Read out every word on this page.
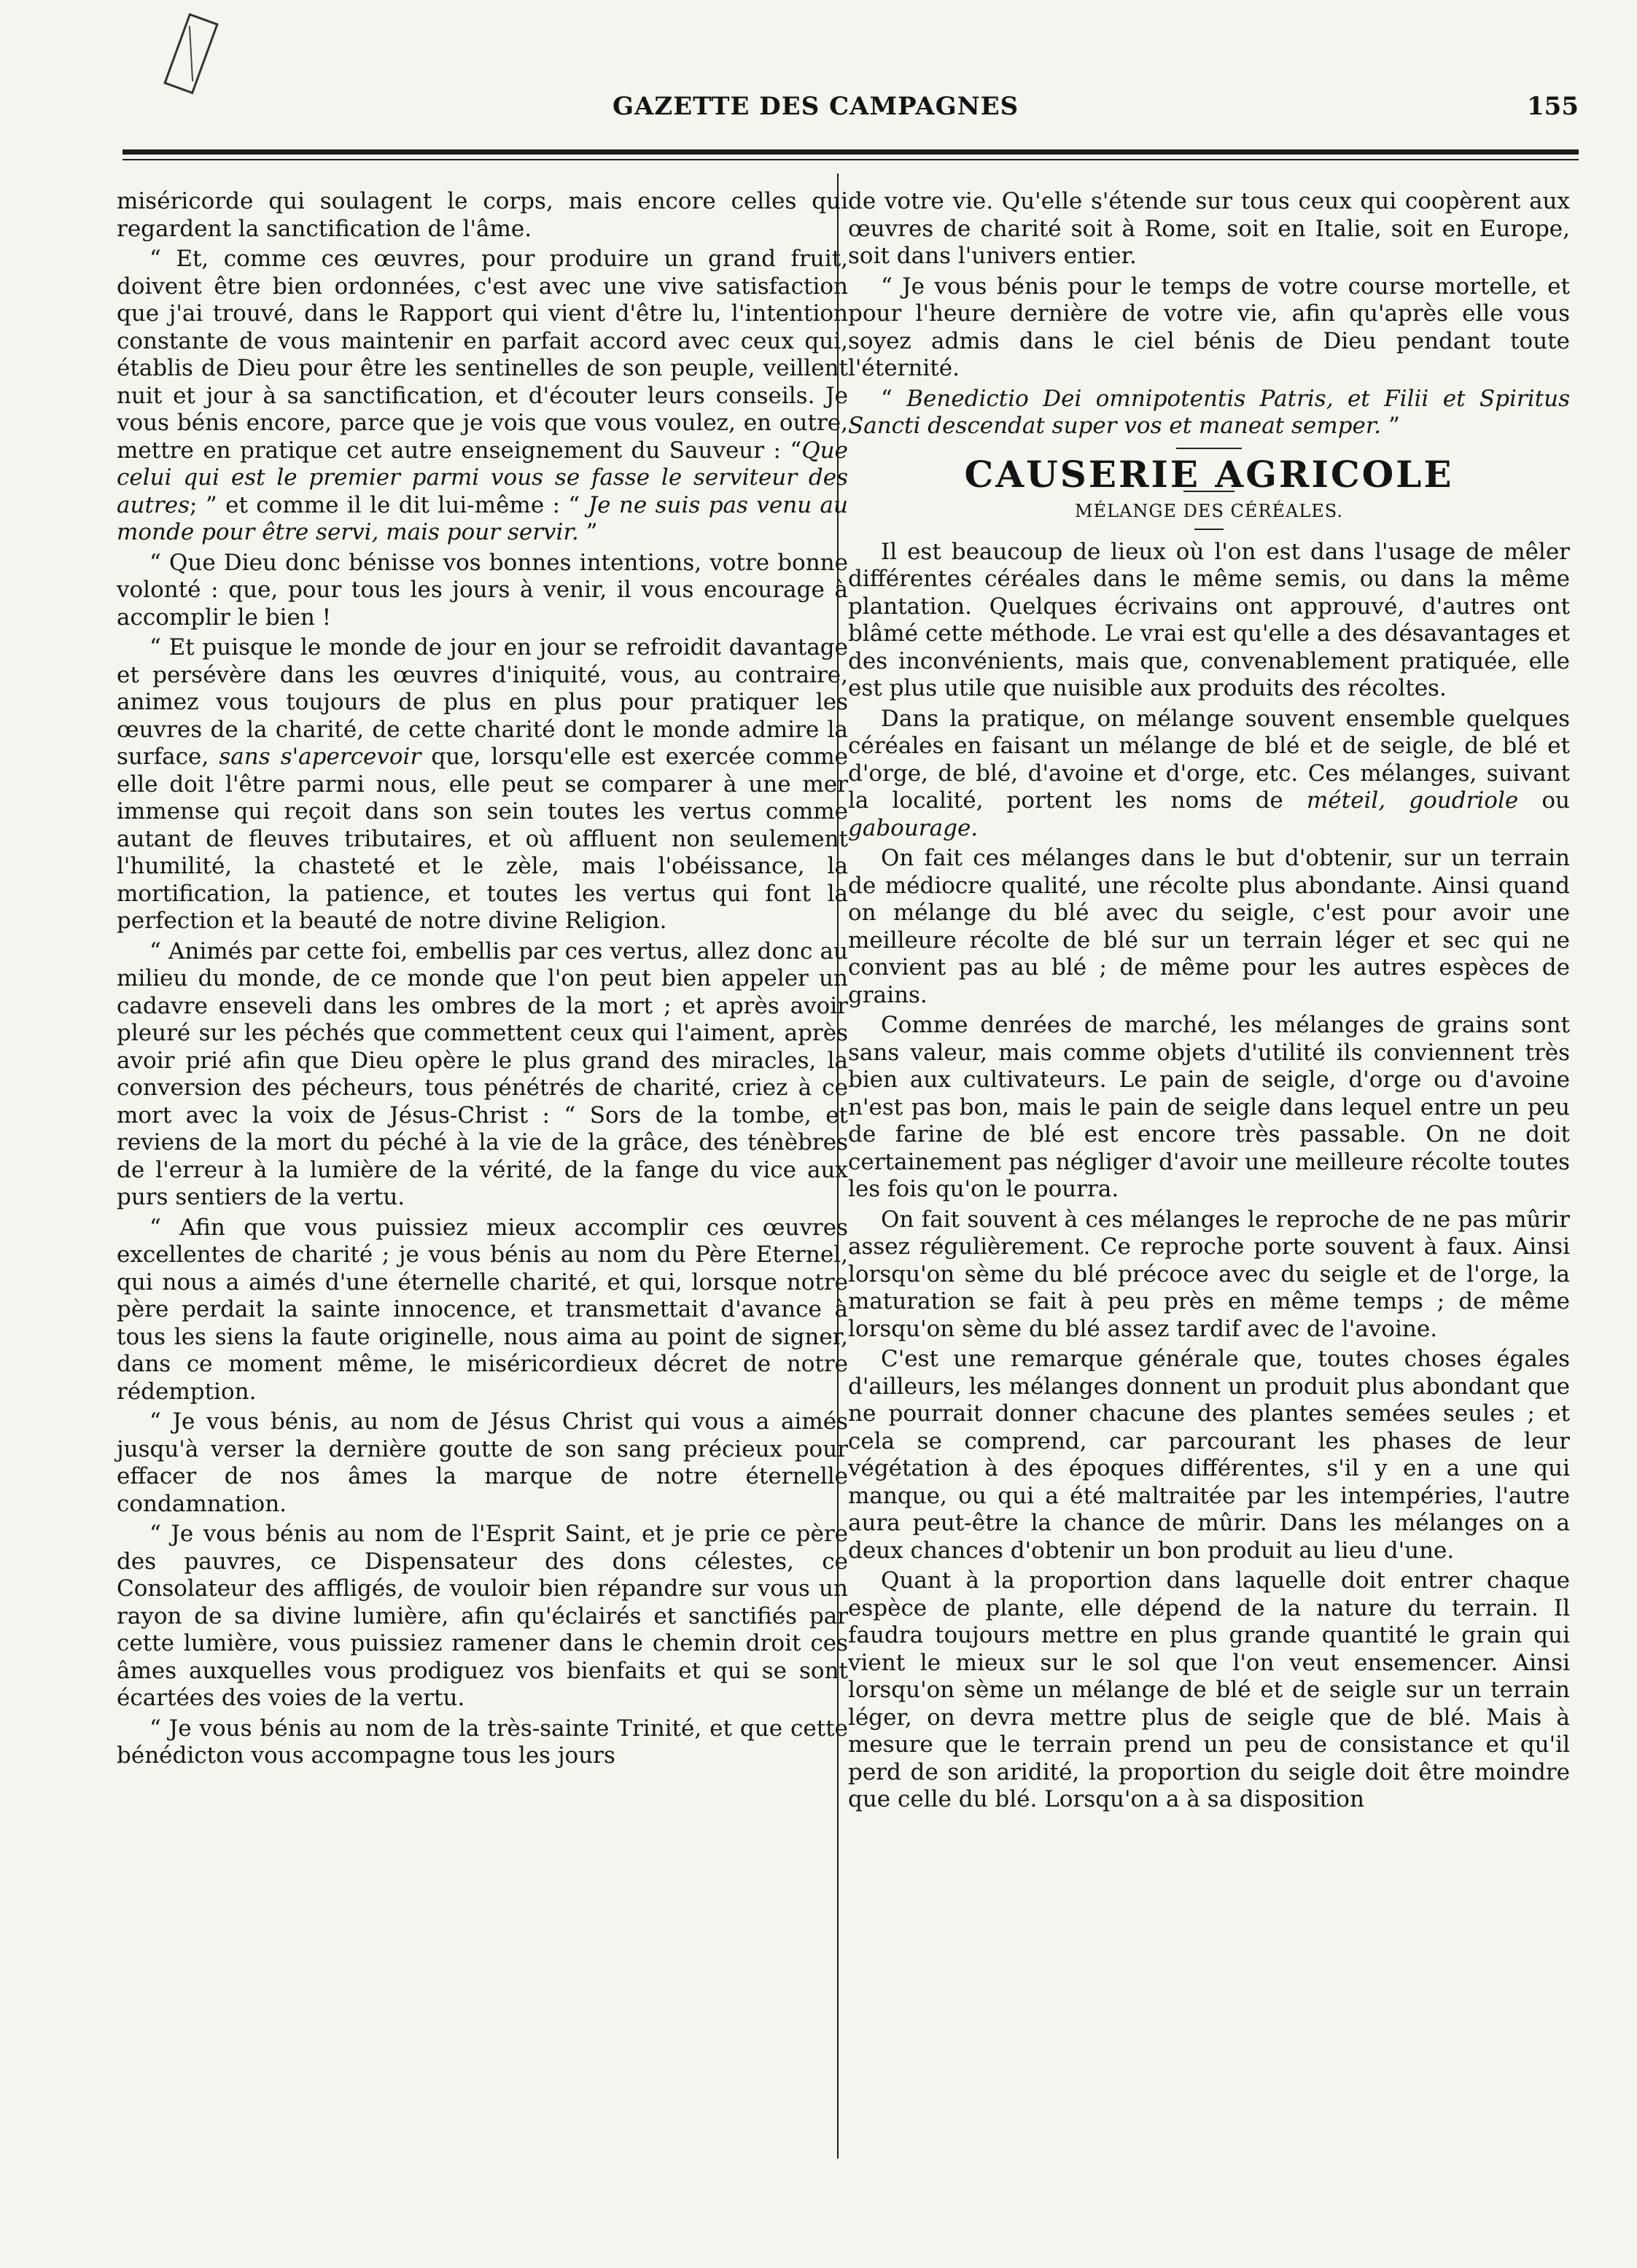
GAZETTE DES CAMPAGNES	155

miséricorde qui soulagent le corps, mais encore celles qui regardent la sanctification de l'âme.

“ Et, comme ces œuvres, pour produire un grand fruit, doivent être bien ordonnées, c'est avec une vive satisfaction que j'ai trouvé, dans le Rapport qui vient d'être lu, l'intention constante de vous maintenir en parfait accord avec ceux qui, établis de Dieu pour être les sentinelles de son peuple, veillent nuit et jour à sa sanctification, et d'écouter leurs conseils. Je vous bénis encore, parce que je vois que vous voulez, en outre, mettre en pratique cet autre enseignement du Sauveur : “Que celui qui est le premier parmi vous se fasse le serviteur des autres; ” et comme il le dit lui-même : “ Je ne suis pas venu au monde pour être servi, mais pour servir. ”

“ Que Dieu donc bénisse vos bonnes intentions, votre bonne volonté : que, pour tous les jours à venir, il vous encourage à accomplir le bien !

“ Et puisque le monde de jour en jour se refroidit davantage et persévère dans les œuvres d'iniquité, vous, au contraire, animez vous toujours de plus en plus pour pratiquer les œuvres de la charité, de cette charité dont le monde admire la surface, sans s'apercevoir que, lorsqu'elle est exercée comme elle doit l'être parmi nous, elle peut se comparer à une mer immense qui reçoit dans son sein toutes les vertus comme autant de fleuves tributaires, et où affluent non seulement l'humilité, la chasteté et le zèle, mais l'obéissance, la mortification, la patience, et toutes les vertus qui font la perfection et la beauté de notre divine Religion.

“ Animés par cette foi, embellis par ces vertus, allez donc au milieu du monde, de ce monde que l'on peut bien appeler un cadavre enseveli dans les ombres de la mort ; et après avoir pleuré sur les péchés que commettent ceux qui l'aiment, après avoir prié afin que Dieu opère le plus grand des miracles, la conversion des pécheurs, tous pénétrés de charité, criez à ce mort avec la voix de Jésus-Christ : “ Sors de la tombe, et reviens de la mort du péché à la vie de la grâce, des ténèbres de l'erreur à la lumière de la vérité, de la fange du vice aux purs sentiers de la vertu.

“ Afin que vous puissiez mieux accomplir ces œuvres excellentes de charité ; je vous bénis au nom du Père Eternel, qui nous a aimés d'une éternelle charité, et qui, lorsque notre père perdait la sainte innocence, et transmettait d'avance à tous les siens la faute originelle, nous aima au point de signer, dans ce moment même, le miséricordieux décret de notre rédemption.

“ Je vous bénis, au nom de Jésus Christ qui vous a aimés jusqu'à verser la dernière goutte de son sang précieux pour effacer de nos âmes la marque de notre éternelle condamnation.

“ Je vous bénis au nom de l'Esprit Saint, et je prie ce père des pauvres, ce Dispensateur des dons célestes, ce Consolateur des affligés, de vouloir bien répandre sur vous un rayon de sa divine lumière, afin qu'éclairés et sanctifiés par cette lumière, vous puissiez ramener dans le chemin droit ces âmes auxquelles vous prodiguez vos bienfaits et qui se sont écartées des voies de la vertu.

“ Je vous bénis au nom de la très-sainte Trinité, et que cette bénédicton vous accompagne tous les jours

de votre vie. Qu'elle s'étende sur tous ceux qui coopèrent aux œuvres de charité soit à Rome, soit en Italie, soit en Europe, soit dans l'univers entier.

“ Je vous bénis pour le temps de votre course mortelle, et pour l'heure dernière de votre vie, afin qu'après elle vous soyez admis dans le ciel bénis de Dieu pendant toute l'éternité.

“ Benedictio Dei omnipotentis Patris, et Filii et Spiritus Sancti descendat super vos et maneat semper. ”

CAUSERIE AGRICOLE
MÉLANGE DES CÉRÉALES.

Il est beaucoup de lieux où l'on est dans l'usage de mêler différentes céréales dans le même semis, ou dans la même plantation. Quelques écrivains ont approuvé, d'autres ont blâmé cette méthode. Le vrai est qu'elle a des désavantages et des inconvénients, mais que, convenablement pratiquée, elle est plus utile que nuisible aux produits des récoltes.

Dans la pratique, on mélange souvent ensemble quelques céréales en faisant un mélange de blé et de seigle, de blé et d'orge, de blé, d'avoine et d'orge, etc. Ces mélanges, suivant la localité, portent les noms de méteil, goudriole ou gabourage.

On fait ces mélanges dans le but d'obtenir, sur un terrain de médiocre qualité, une récolte plus abondante. Ainsi quand on mélange du blé avec du seigle, c'est pour avoir une meilleure récolte de blé sur un terrain léger et sec qui ne convient pas au blé ; de même pour les autres espèces de grains.

Comme denrées de marché, les mélanges de grains sont sans valeur, mais comme objets d'utilité ils conviennent très bien aux cultivateurs. Le pain de seigle, d'orge ou d'avoine n'est pas bon, mais le pain de seigle dans lequel entre un peu de farine de blé est encore très passable. On ne doit certainement pas négliger d'avoir une meilleure récolte toutes les fois qu'on le pourra.

On fait souvent à ces mélanges le reproche de ne pas mûrir assez régulièrement. Ce reproche porte souvent à faux. Ainsi lorsqu'on sème du blé précoce avec du seigle et de l'orge, la maturation se fait à peu près en même temps ; de même lorsqu'on sème du blé assez tardif avec de l'avoine.

C'est une remarque générale que, toutes choses égales d'ailleurs, les mélanges donnent un produit plus abondant que ne pourrait donner chacune des plantes semées seules ; et cela se comprend, car parcourant les phases de leur végétation à des époques différentes, s'il y en a une qui manque, ou qui a été maltraitée par les intempéries, l'autre aura peut-être la chance de mûrir. Dans les mélanges on a deux chances d'obtenir un bon produit au lieu d'une.

Quant à la proportion dans laquelle doit entrer chaque espèce de plante, elle dépend de la nature du terrain. Il faudra toujours mettre en plus grande quantité le grain qui vient le mieux sur le sol que l'on veut ensemencer. Ainsi lorsqu'on sème un mélange de blé et de seigle sur un terrain léger, on devra mettre plus de seigle que de blé. Mais à mesure que le terrain prend un peu de consistance et qu'il perd de son aridité, la proportion du seigle doit être moindre que celle du blé. Lorsqu'on a à sa disposition
